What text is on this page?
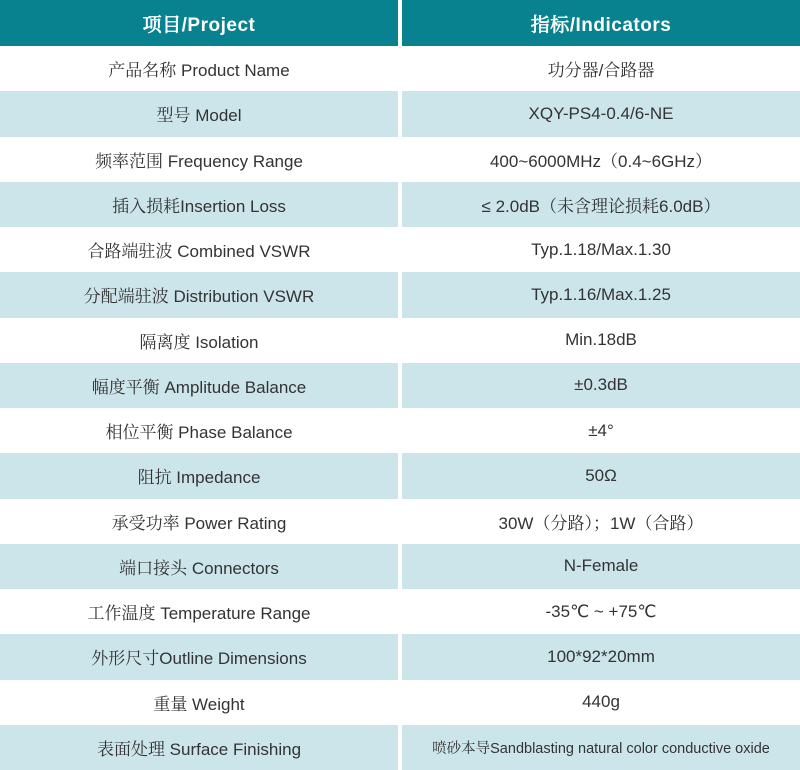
项目/Project	指标/Indicators
产品名称 Product Name	功分器/合路器
型号 Model	XQY-PS4-0.4/6-NE
频率范围 Frequency Range	400~6000MHz（0.4~6GHz）
插入损耗Insertion Loss	≤ 2.0dB（未含理论损耗6.0dB）
合路端驻波 Combined VSWR	Typ.1.18/Max.1.30
分配端驻波 Distribution VSWR	Typ.1.16/Max.1.25
隔离度 Isolation	Min.18dB
幅度平衡 Amplitude Balance	±0.3dB
相位平衡 Phase Balance	±4°
阻抗 Impedance	50Ω
承受功率 Power Rating	30W（分路）；1W（合路）
端口接头 Connectors	N-Female
工作温度 Temperature Range	-35℃ ~ +75℃
外形尺寸Outline Dimensions	100*92*20mm
重量 Weight	440g
表面处理 Surface Finishing	喷砂本导Sandblasting natural color conductive oxide
